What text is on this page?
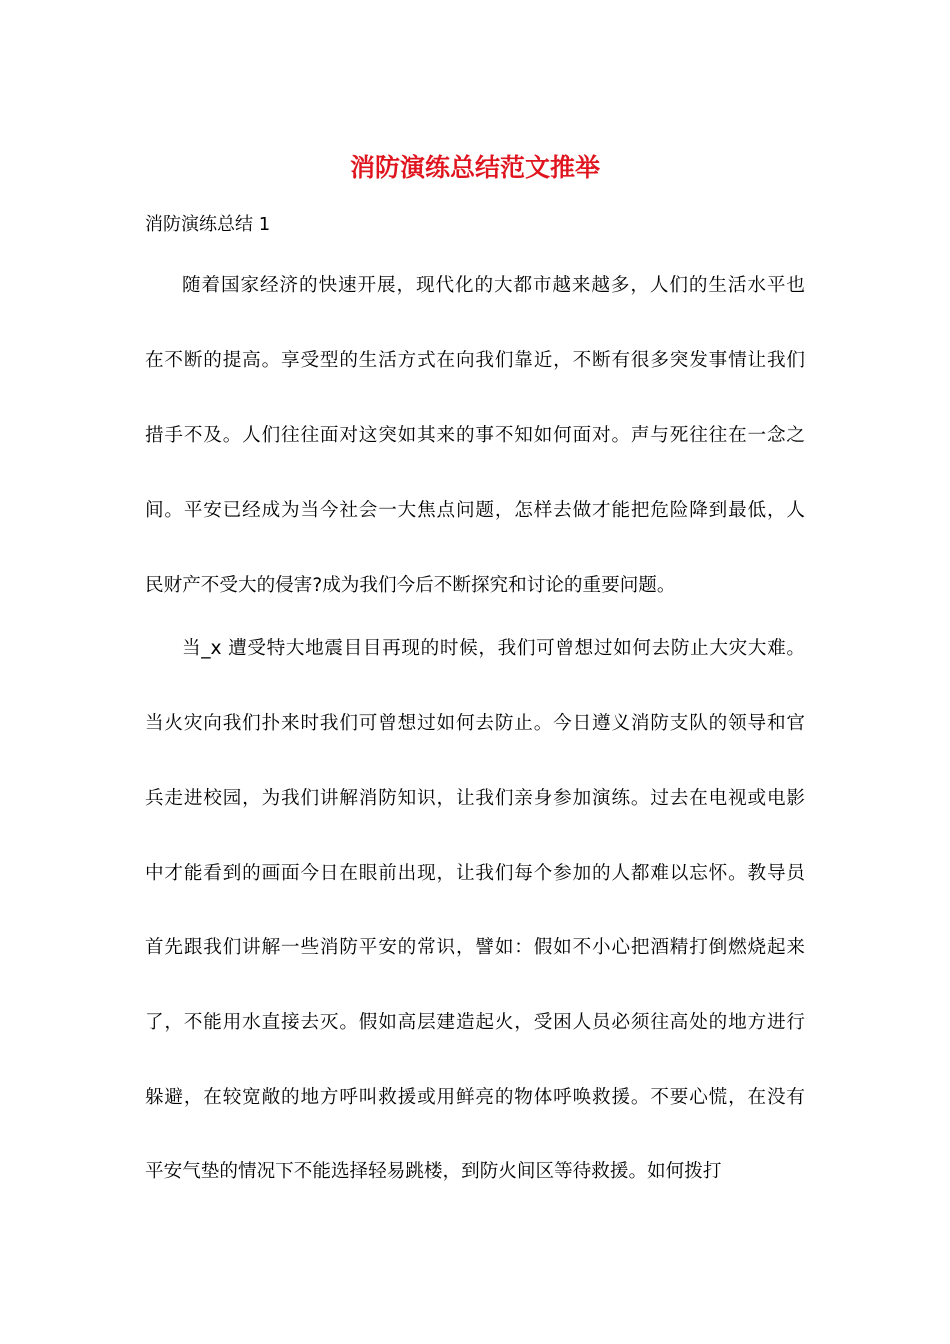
消防演练总结范文推举

消防演练总结 1

随着国家经济的快速开展，现代化的大都市越来越多，人们的生活水平也

在不断的提高。享受型的生活方式在向我们靠近，不断有很多突发事情让我们

措手不及。人们往往面对这突如其来的事不知如何面对。声与死往往在一念之

间。平安已经成为当今社会一大焦点问题，怎样去做才能把危险降到最低，人

民财产不受大的侵害?成为我们今后不断探究和讨论的重要问题。

当_x 遭受特大地震目目再现的时候，我们可曾想过如何去防止大灾大难。

当火灾向我们扑来时我们可曾想过如何去防止。今日遵义消防支队的领导和官

兵走进校园，为我们讲解消防知识，让我们亲身参加演练。过去在电视或电影

中才能看到的画面今日在眼前出现，让我们每个参加的人都难以忘怀。教导员

首先跟我们讲解一些消防平安的常识，譬如：假如不小心把酒精打倒燃烧起来

了，不能用水直接去灭。假如高层建造起火，受困人员必须往高处的地方进行

躲避，在较宽敞的地方呼叫救援或用鲜亮的物体呼唤救援。不要心慌，在没有

平安气垫的情况下不能选择轻易跳楼，到防火间区等待救援。如何拨打
